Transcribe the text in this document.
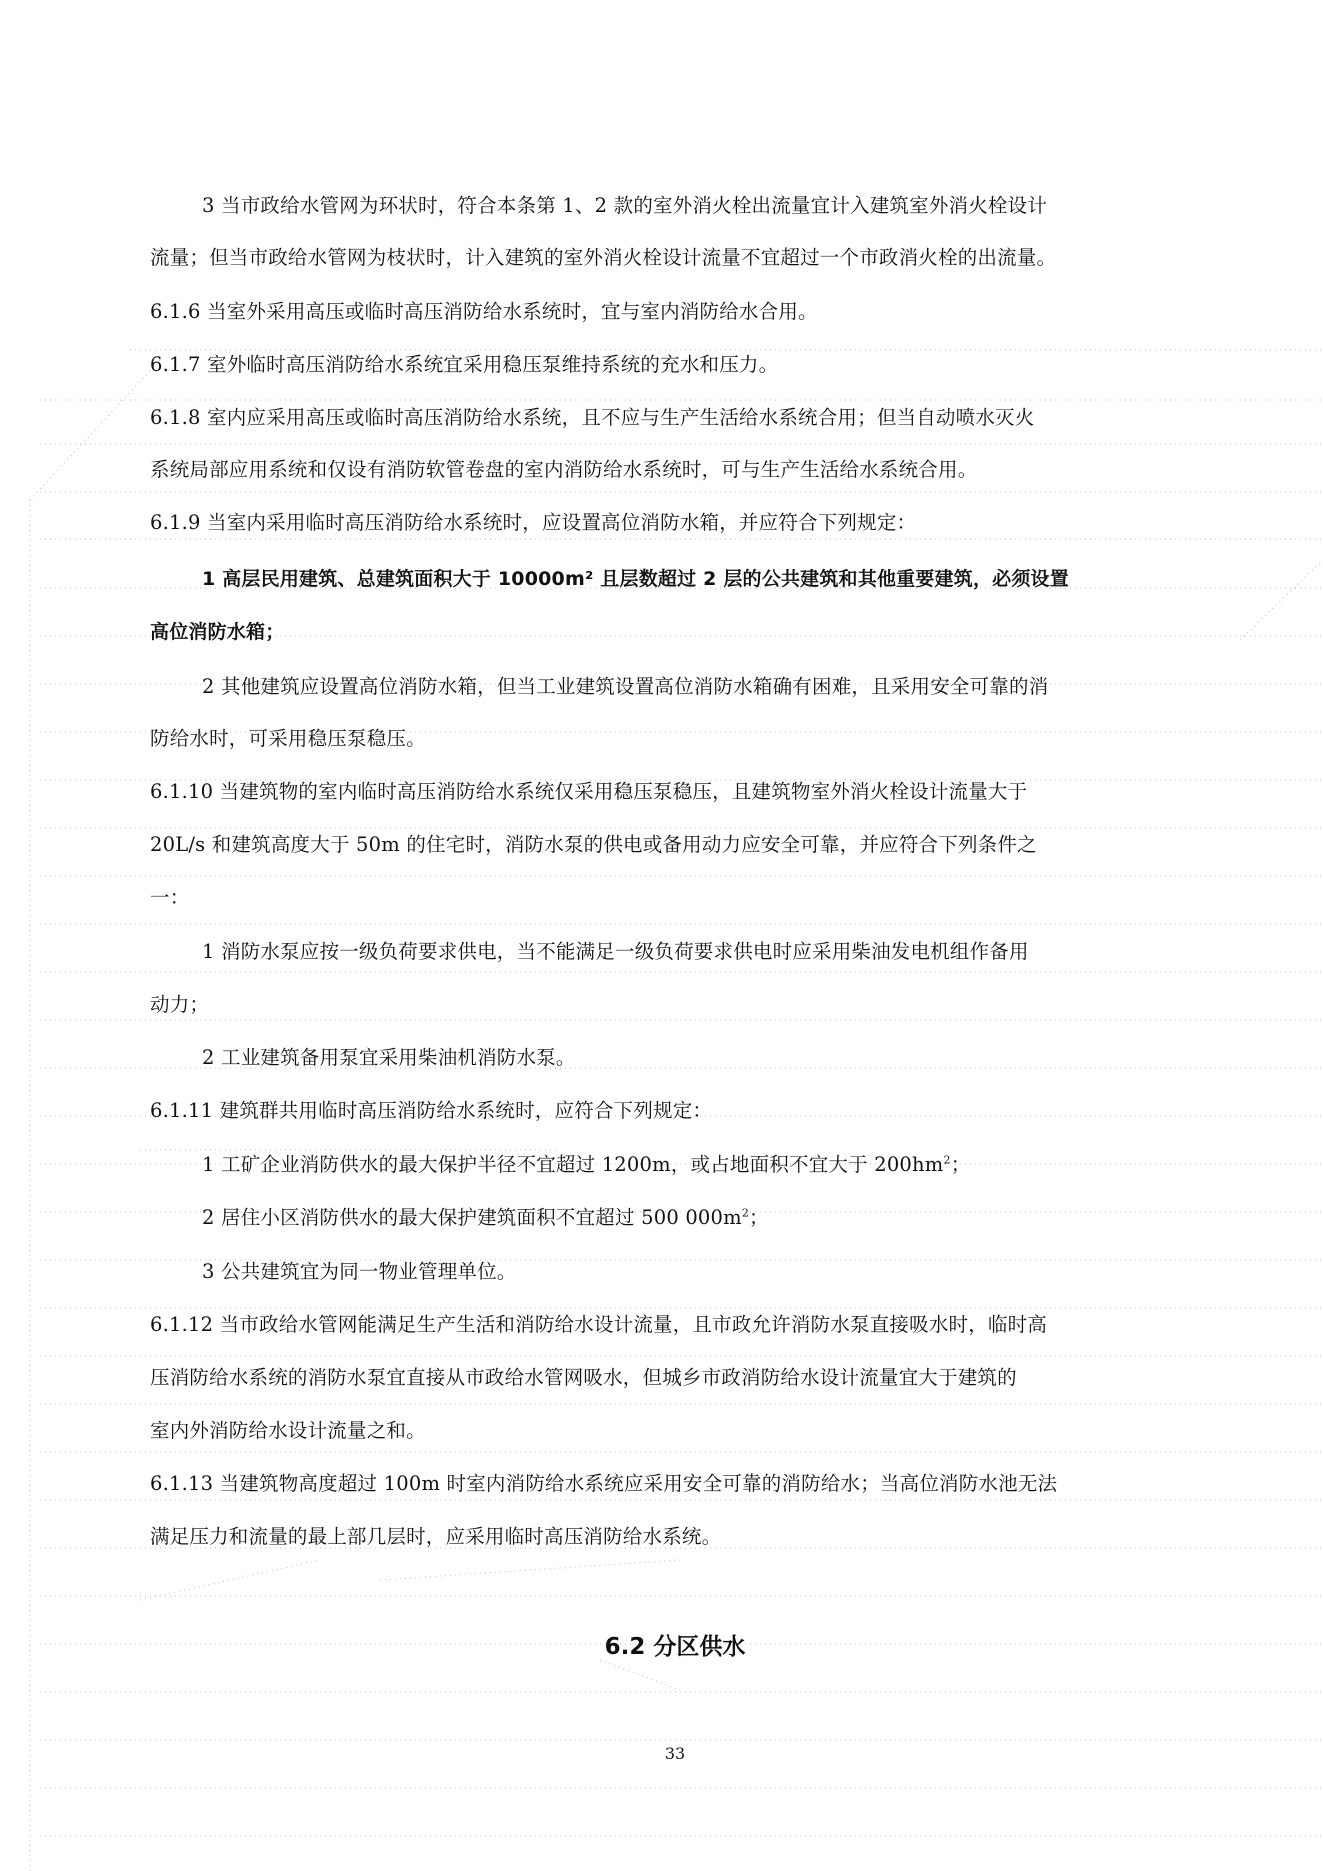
3 当市政给水管网为环状时，符合本条第 1、2 款的室外消火栓出流量宜计入建筑室外消火栓设计
流量；但当市政给水管网为枝状时，计入建筑的室外消火栓设计流量不宜超过一个市政消火栓的出流量。
6.1.6 当室外采用高压或临时高压消防给水系统时，宜与室内消防给水合用。
6.1.7 室外临时高压消防给水系统宜采用稳压泵维持系统的充水和压力。
6.1.8 室内应采用高压或临时高压消防给水系统，且不应与生产生活给水系统合用；但当自动喷水灭火
系统局部应用系统和仅设有消防软管卷盘的室内消防给水系统时，可与生产生活给水系统合用。
6.1.9 当室内采用临时高压消防给水系统时，应设置高位消防水箱，并应符合下列规定：
1 高层民用建筑、总建筑面积大于 10000m² 且层数超过 2 层的公共建筑和其他重要建筑，必须设置
高位消防水箱；
2 其他建筑应设置高位消防水箱，但当工业建筑设置高位消防水箱确有困难，且采用安全可靠的消
防给水时，可采用稳压泵稳压。
6.1.10 当建筑物的室内临时高压消防给水系统仅采用稳压泵稳压，且建筑物室外消火栓设计流量大于
20L/s 和建筑高度大于 50m 的住宅时，消防水泵的供电或备用动力应安全可靠，并应符合下列条件之
一：
1 消防水泵应按一级负荷要求供电，当不能满足一级负荷要求供电时应采用柴油发电机组作备用
动力；
2 工业建筑备用泵宜采用柴油机消防水泵。
6.1.11 建筑群共用临时高压消防给水系统时，应符合下列规定：
1 工矿企业消防供水的最大保护半径不宜超过 1200m，或占地面积不宜大于 $200hm^2$；
2 居住小区消防供水的最大保护建筑面积不宜超过 500 $000m^2$；
3 公共建筑宜为同一物业管理单位。
6.1.12 当市政给水管网能满足生产生活和消防给水设计流量，且市政允许消防水泵直接吸水时，临时高
压消防给水系统的消防水泵宜直接从市政给水管网吸水，但城乡市政消防给水设计流量宜大于建筑的
室内外消防给水设计流量之和。
6.1.13 当建筑物高度超过 100m 时室内消防给水系统应采用安全可靠的消防给水；当高位消防水池无法
满足压力和流量的最上部几层时，应采用临时高压消防给水系统。
6.2 分区供水
33
